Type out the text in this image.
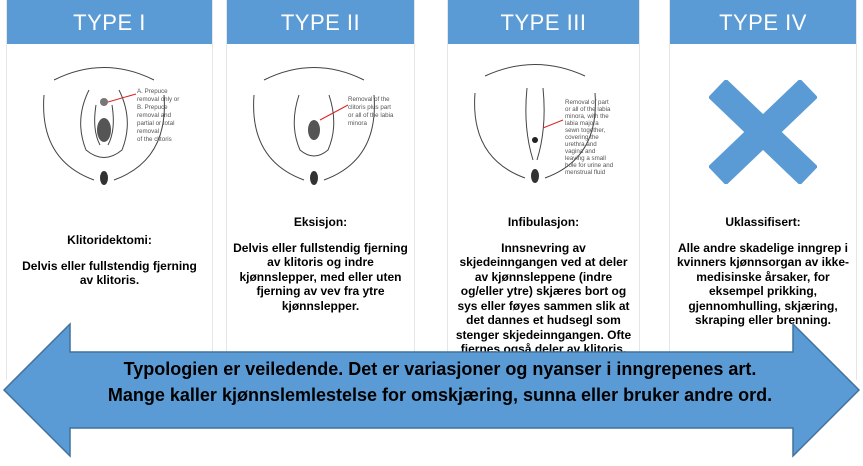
TYPE I
A. Prepuce removal only or B. Prepuce removal and partial or total removal of the clitoris
Klitoridektomi:
Delvis eller fullstendig fjerning
av klitoris.
TYPE II
Removal of the clitoris plus part or all of the labia minora
Eksisjon:
Delvis eller fullstendig fjerning
av klitoris og indre
kjønnslepper, med eller uten
fjerning av vev fra ytre
kjønnslepper.
TYPE III
Removal of part or all of the labia minora, with the labia majora sewn together, covering the urethra and vagina and leaving a small hole for urine and menstrual fluid
Infibulasjon:
Innsnevring av
skjedeinngangen ved at deler
av kjønnsleppene (indre
og/eller ytre) skjæres bort og
sys eller føyes sammen slik at
det dannes et hudsegl som
stenger skjedeinngangen. Ofte
fjernes også deler av klitoris.
TYPE IV
Uklassifisert:
Alle andre skadelige inngrep i
kvinners kjønnsorgan av ikke-
medisinske årsaker, for
eksempel prikking,
gjennomhulling, skjæring,
skraping eller brenning.
Typologien er veiledende. Det er variasjoner og nyanser i inngrepenes art.
Mange kaller kjønnslemlestelse for omskjæring, sunna eller bruker andre ord.
